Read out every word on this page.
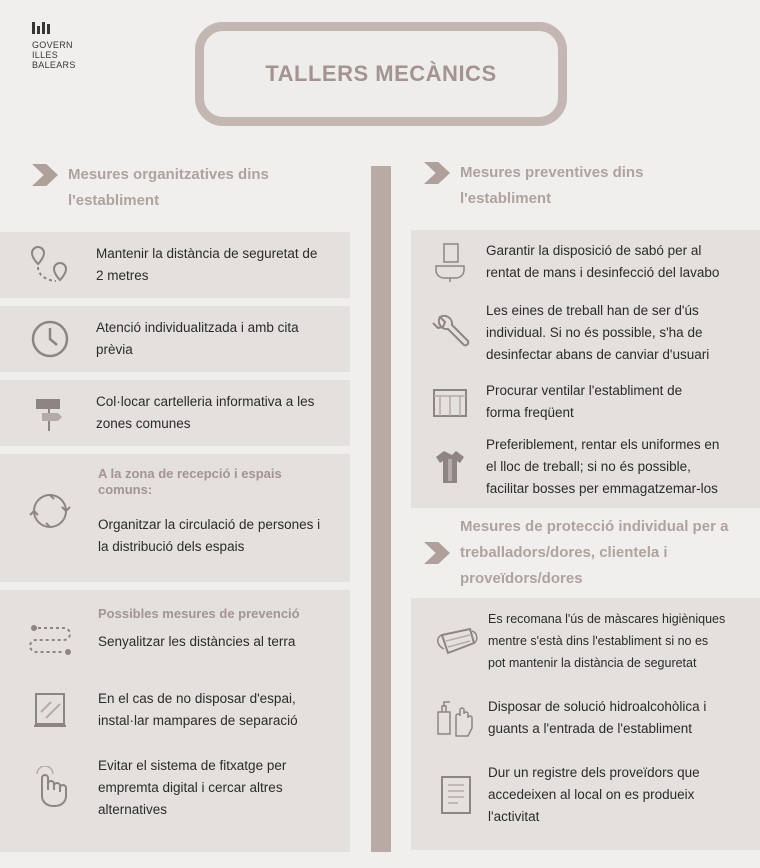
GOVERN
ILLES
BALEARS	TALLERS MECÀNICS
Mesures organitzatives dins
l'establiment
Mantenir la distància de seguretat de
2 metres
Atenció individualitzada i amb cita
prèvia
Col·locar cartelleria informativa a les
zones comunes
A la zona de recepció i espais
comuns:
Organitzar la circulació de persones i
la distribució dels espais
Possibles mesures de prevenció
Senyalitzar les distàncies al terra
En el cas de no disposar d'espai,
instal·lar mampares de separació
Evitar el sistema de fitxatge per
empremta digital i cercar altres
alternatives
Mesures preventives dins
l'establiment
Garantir la disposició de sabó per al
rentat de mans i desinfecció del lavabo
Les eines de treball han de ser d'ús
individual. Si no és possible, s'ha de
desinfectar abans de canviar d'usuari
Procurar ventilar l'establiment de
forma freqüent
Preferiblement, rentar els uniformes en
el lloc de treball; si no és possible,
facilitar bosses per emmagatzemar-los
Mesures de protecció individual per a
treballadors/dores, clientela i
proveïdors/dores
Es recomana l'ús de màscares higièniques
mentre s'està dins l'establiment si no es
pot mantenir la distància de seguretat
Disposar de solució hidroalcohòlica i
guants a l'entrada de l'establiment
Dur un registre dels proveïdors que
accedeixen al local on es produeix
l'activitat
